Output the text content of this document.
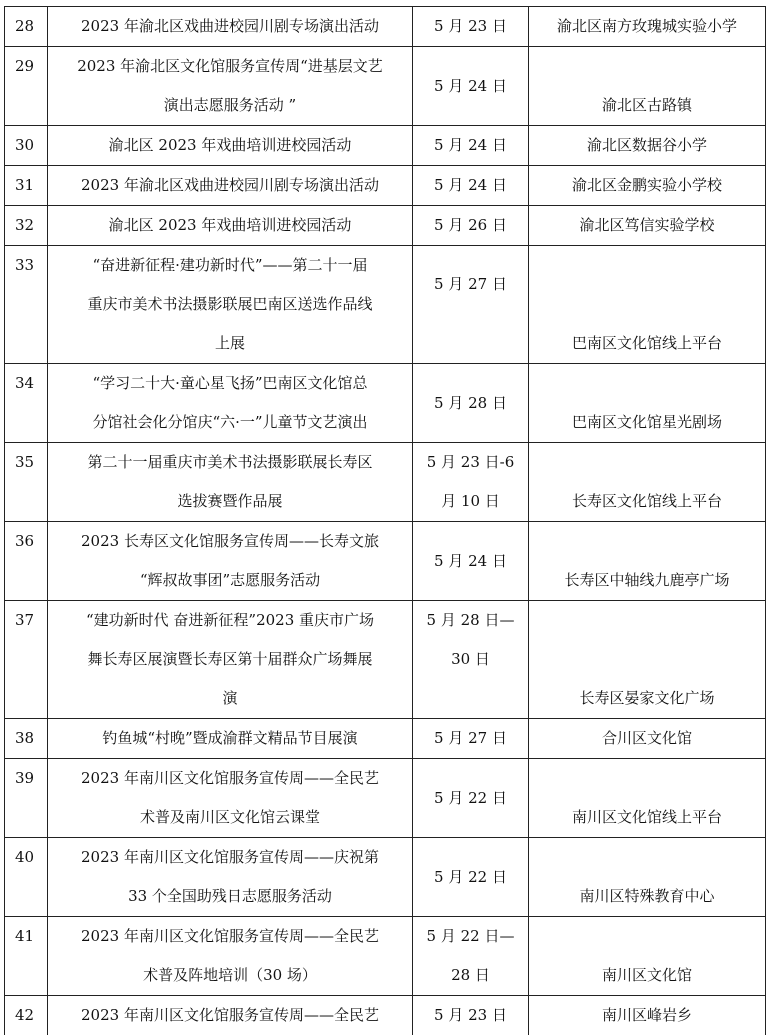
28	2023 年渝北区戏曲进校园川剧专场演出活动	5 月 23 日	渝北区南方玫瑰城实验小学
29	2023 年渝北区文化馆服务宣传周“进基层文艺
演出志愿服务活动 ”	5 月 24 日	渝北区古路镇
30	渝北区 2023 年戏曲培训进校园活动	5 月 24 日	渝北区数据谷小学
31	2023 年渝北区戏曲进校园川剧专场演出活动	5 月 24 日	渝北区金鹏实验小学校
32	渝北区 2023 年戏曲培训进校园活动	5 月 26 日	渝北区笃信实验学校
33	“奋进新征程·建功新时代”——第二十一届
重庆市美术书法摄影联展巴南区送选作品线
上展	5 月 27 日	巴南区文化馆线上平台
34	“学习二十大·童心星飞扬”巴南区文化馆总
分馆社会化分馆庆“六·一”儿童节文艺演出	5 月 28 日	巴南区文化馆星光剧场
35	第二十一届重庆市美术书法摄影联展长寿区
选拔赛暨作品展	5 月 23 日-6
月 10 日	长寿区文化馆线上平台
36	2023 长寿区文化馆服务宣传周——长寿文旅
“辉叔故事团”志愿服务活动	5 月 24 日	长寿区中轴线九鹿亭广场
37	“建功新时代 奋进新征程”2023 重庆市广场
舞长寿区展演暨长寿区第十届群众广场舞展
演	5 月 28 日—
30 日	长寿区晏家文化广场
38	钓鱼城“村晚”暨成渝群文精品节目展演	5 月 27 日	合川区文化馆
39	2023 年南川区文化馆服务宣传周——全民艺
术普及南川区文化馆云课堂	5 月 22 日	南川区文化馆线上平台
40	2023 年南川区文化馆服务宣传周——庆祝第
33 个全国助残日志愿服务活动	5 月 22 日	南川区特殊教育中心
41	2023 年南川区文化馆服务宣传周——全民艺
术普及阵地培训（30 场）	5 月 22 日—
28 日	南川区文化馆
42	2023 年南川区文化馆服务宣传周——全民艺	5 月 23 日	南川区峰岩乡
